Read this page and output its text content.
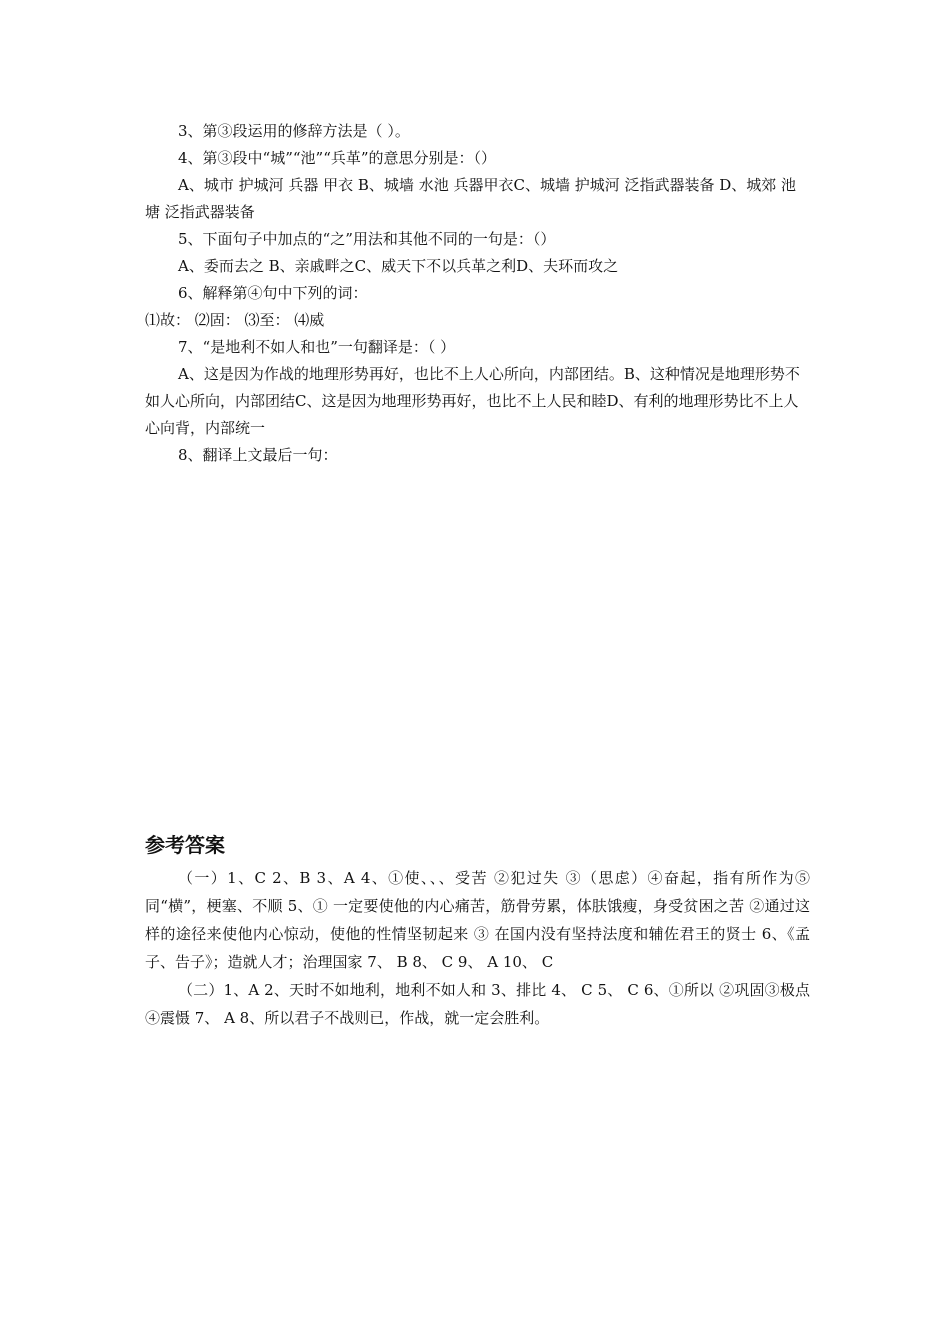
3、第③段运用的修辞方法是（ ）。
4、第③段中“城”“池”“兵革”的意思分别是：（）
A、城市 护城河 兵器 甲衣 B、城墙 水池 兵器甲衣C、城墙 护城河 泛指武器装备 D、城郊 池塘 泛指武器装备
5、下面句子中加点的“之”用法和其他不同的一句是：（）
A、委而去之 B、亲戚畔之C、威天下不以兵革之利D、夫环而攻之
6、解释第④句中下列的词：
⑴故： ⑵固： ⑶至： ⑷威
7、“是地利不如人和也”一句翻译是：（ ）
A、这是因为作战的地理形势再好，也比不上人心所向，内部团结。B、这种情况是地理形势不如人心所向，内部团结C、这是因为地理形势再好，也比不上人民和睦D、有利的地理形势比不上人心向背，内部统一
8、翻译上文最后一句：
参考答案
（一）1、C 2、B 3、A 4、①使、、、受苦 ②犯过失 ③（思虑）④奋起，指有所作为⑤同“横”，梗塞、不顺 5、① 一定要使他的内心痛苦，筋骨劳累，体肤饿瘦，身受贫困之苦 ②通过这样的途径来使他内心惊动，使他的性情坚韧起来 ③ 在国内没有坚持法度和辅佐君王的贤士 6、《孟子、告子》；造就人才；治理国家 7、 B 8、 C 9、 A 10、 C
（二）1、A 2、天时不如地利，地利不如人和 3、排比 4、 C 5、 C 6、①所以 ②巩固③极点 ④震慑 7、 A 8、所以君子不战则已，作战，就一定会胜利。
